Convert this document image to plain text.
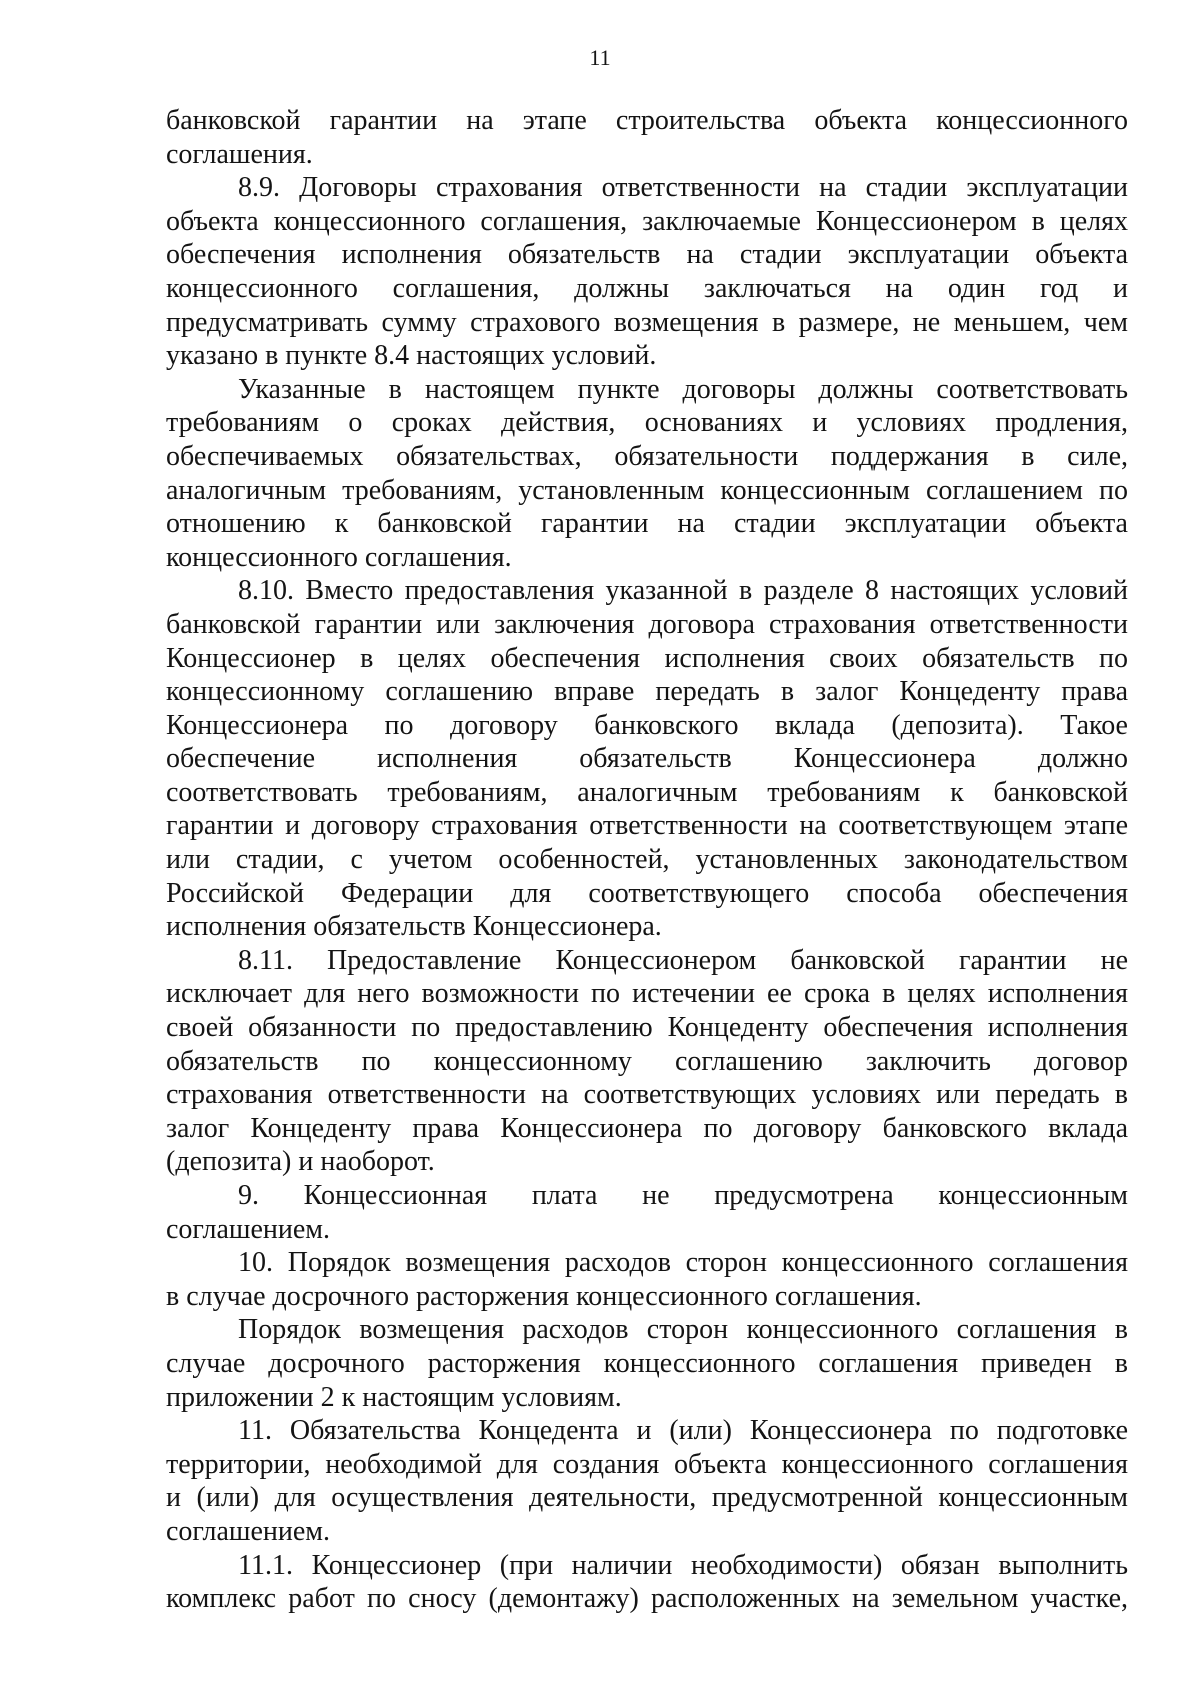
11

банковской гарантии на этапе строительства объекта концессионного
соглашения.

8.9. Договоры страхования ответственности на стадии эксплуатации
объекта концессионного соглашения, заключаемые Концессионером в целях
обеспечения исполнения обязательств на стадии эксплуатации объекта
концессионного соглашения, должны заключаться на один год и
предусматривать сумму страхового возмещения в размере, не меньшем, чем
указано в пункте 8.4 настоящих условий.

Указанные в настоящем пункте договоры должны соответствовать
требованиям о сроках действия, основаниях и условиях продления,
обеспечиваемых обязательствах, обязательности поддержания в силе,
аналогичным требованиям, установленным концессионным соглашением по
отношению к банковской гарантии на стадии эксплуатации объекта
концессионного соглашения.

8.10. Вместо предоставления указанной в разделе 8 настоящих условий
банковской гарантии или заключения договора страхования ответственности
Концессионер в целях обеспечения исполнения своих обязательств по
концессионному соглашению вправе передать в залог Концеденту права
Концессионера по договору банковского вклада (депозита). Такое
обеспечение исполнения обязательств Концессионера должно
соответствовать требованиям, аналогичным требованиям к банковской
гарантии и договору страхования ответственности на соответствующем этапе
или стадии, с учетом особенностей, установленных законодательством
Российской Федерации для соответствующего способа обеспечения
исполнения обязательств Концессионера.

8.11. Предоставление Концессионером банковской гарантии не
исключает для него возможности по истечении ее срока в целях исполнения
своей обязанности по предоставлению Концеденту обеспечения исполнения
обязательств по концессионному соглашению заключить договор
страхования ответственности на соответствующих условиях или передать в
залог Концеденту права Концессионера по договору банковского вклада
(депозита) и наоборот.

9. Концессионная плата не предусмотрена концессионным
соглашением.

10. Порядок возмещения расходов сторон концессионного соглашения
в случае досрочного расторжения концессионного соглашения.

Порядок возмещения расходов сторон концессионного соглашения в
случае досрочного расторжения концессионного соглашения приведен в
приложении 2 к настоящим условиям.

11. Обязательства Концедента и (или) Концессионера по подготовке
территории, необходимой для создания объекта концессионного соглашения
и (или) для осуществления деятельности, предусмотренной концессионным
соглашением.

11.1. Концессионер (при наличии необходимости) обязан выполнить
комплекс работ по сносу (демонтажу) расположенных на земельном участке,
